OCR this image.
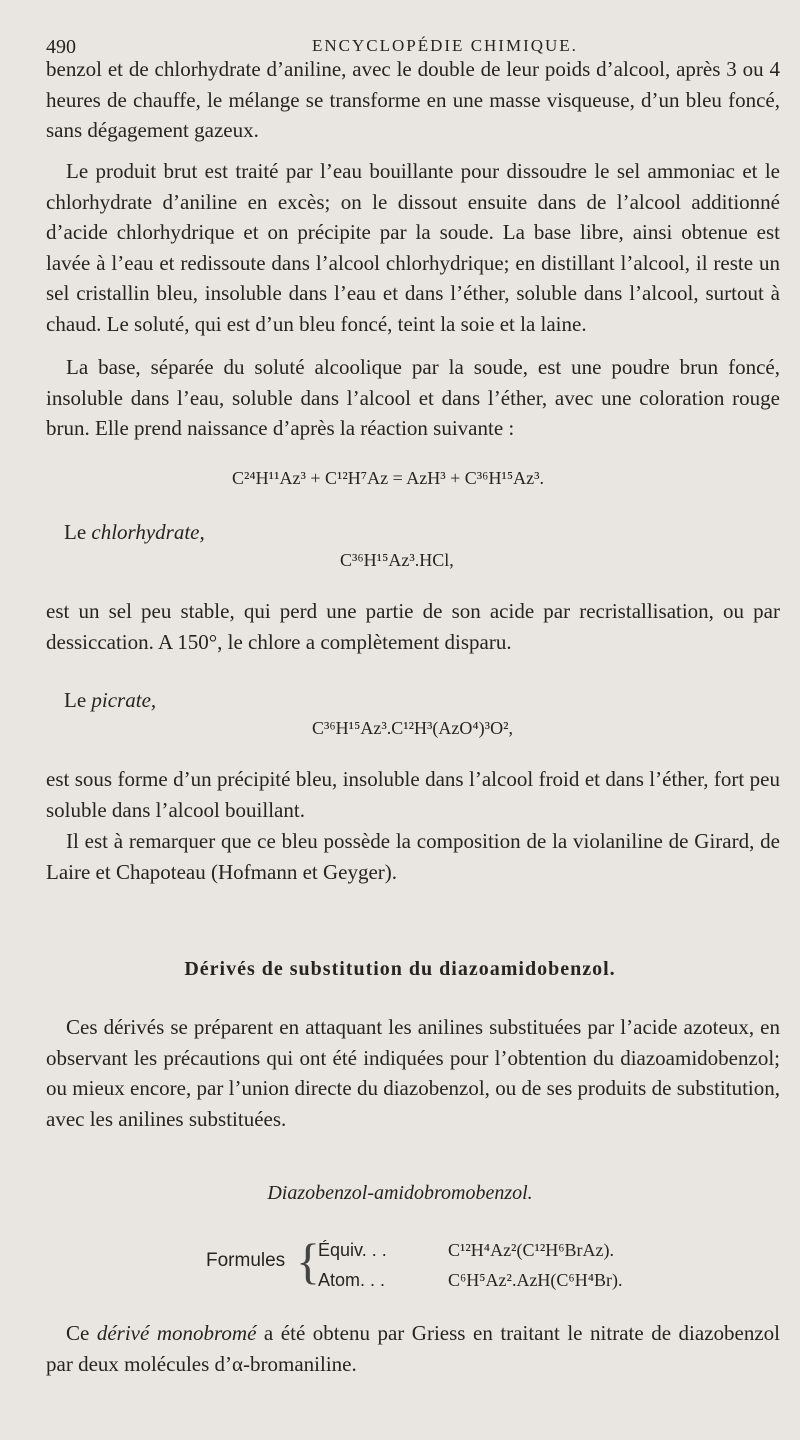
490	ENCYCLOPÉDIE CHIMIQUE.

benzol et de chlorhydrate d’aniline, avec le double de leur poids d’alcool, après 3 ou 4 heures de chauffe, le mélange se transforme en une masse visqueuse, d’un bleu foncé, sans dégagement gazeux.

Le produit brut est traité par l’eau bouillante pour dissoudre le sel ammoniac et le chlorhydrate d’aniline en excès; on le dissout ensuite dans de l’alcool additionné d’acide chlorhydrique et on précipite par la soude. La base libre, ainsi obtenue est lavée à l’eau et redissoute dans l’alcool chlorhydrique; en distillant l’alcool, il reste un sel cristallin bleu, insoluble dans l’eau et dans l’éther, soluble dans l’alcool, surtout à chaud. Le soluté, qui est d’un bleu foncé, teint la soie et la laine.

La base, séparée du soluté alcoolique par la soude, est une poudre brun foncé, insoluble dans l’eau, soluble dans l’alcool et dans l’éther, avec une coloration rouge brun. Elle prend naissance d’après la réaction suivante :

C²⁴H¹¹Az³ + C¹²H⁷Az = AzH³ + C³⁶H¹⁵Az³.
Le chlorhydrate,
C³⁶H¹⁵Az³.HCl,

est un sel peu stable, qui perd une partie de son acide par recristallisation, ou par dessiccation. A 150°, le chlore a complètement disparu.

Le picrate,
C³⁶H¹⁵Az³.C¹²H³(AzO⁴)³O²,

est sous forme d’un précipité bleu, insoluble dans l’alcool froid et dans l’éther, fort peu soluble dans l’alcool bouillant.

Il est à remarquer que ce bleu possède la composition de la violaniline de Girard, de Laire et Chapoteau (Hofmann et Geyger).

Dérivés de substitution du diazoamidobenzol.

Ces dérivés se préparent en attaquant les anilines substituées par l’acide azoteux, en observant les précautions qui ont été indiquées pour l’obtention du diazoamidobenzol; ou mieux encore, par l’union directe du diazobenzol, ou de ses produits de substitution, avec les anilines substituées.

Diazobenzol-amidobromobenzol.
Formules {
Équiv. . .	C¹²H⁴Az²(C¹²H⁶BrAz).
Atom. . .	C⁶H⁵Az².AzH(C⁶H⁴Br).

Ce dérivé monobromé a été obtenu par Griess en traitant le nitrate de diazobenzol par deux molécules d’α-bromaniline.
